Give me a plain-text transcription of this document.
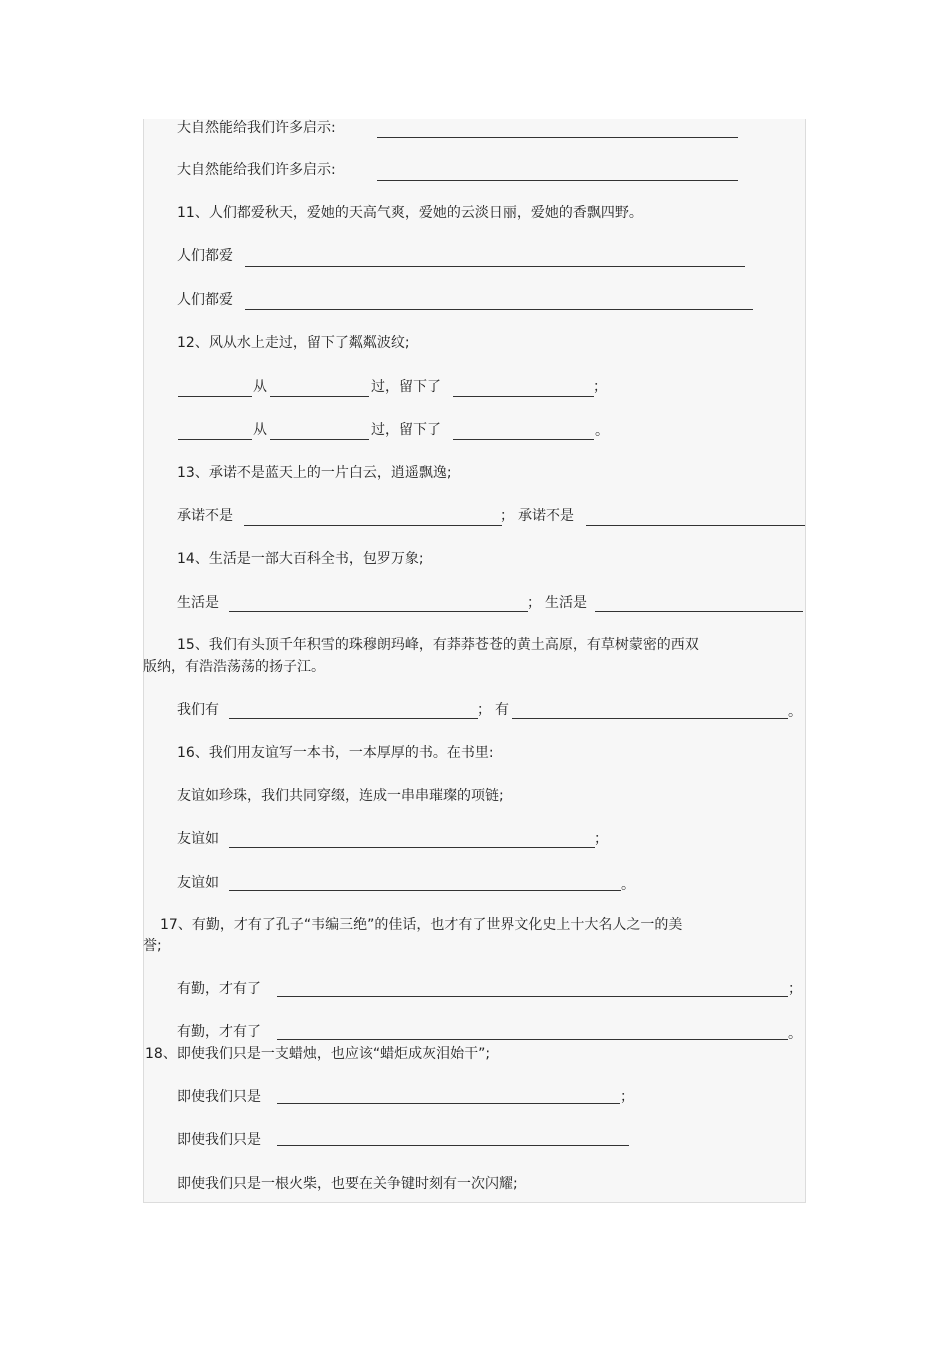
大自然能给我们许多启示:
大自然能给我们许多启示:
11、人们都爱秋天，爱她的天高气爽，爱她的云淡日丽，爱她的香飘四野。
人们都爱
人们都爱
12、风从水上走过，留下了粼粼波纹;
从	过，留下了	；
从	过，留下了	。
13、承诺不是蓝天上的一片白云，逍遥飘逸;
承诺不是	； 承诺不是
14、生活是一部大百科全书，包罗万象;
生活是	； 生活是
15、我们有头顶千年积雪的珠穆朗玛峰，有莽莽苍苍的黄土高原，有草树蒙密的西双
版纳，有浩浩荡荡的扬子江。
我们有	； 有	。
16、我们用友谊写一本书，一本厚厚的书。在书里:
友谊如珍珠，我们共同穿缀，连成一串串璀璨的项链;
友谊如	；
友谊如	。
17、有勤，才有了孔子“韦编三绝”的佳话，也才有了世界文化史上十大名人之一的美
誉;
有勤，才有了	；
有勤，才有了	。
18、即使我们只是一支蜡烛，也应该“蜡炬成灰泪始干”;
即使我们只是	；
即使我们只是
即使我们只是一根火柴，也要在关争键时刻有一次闪耀;
